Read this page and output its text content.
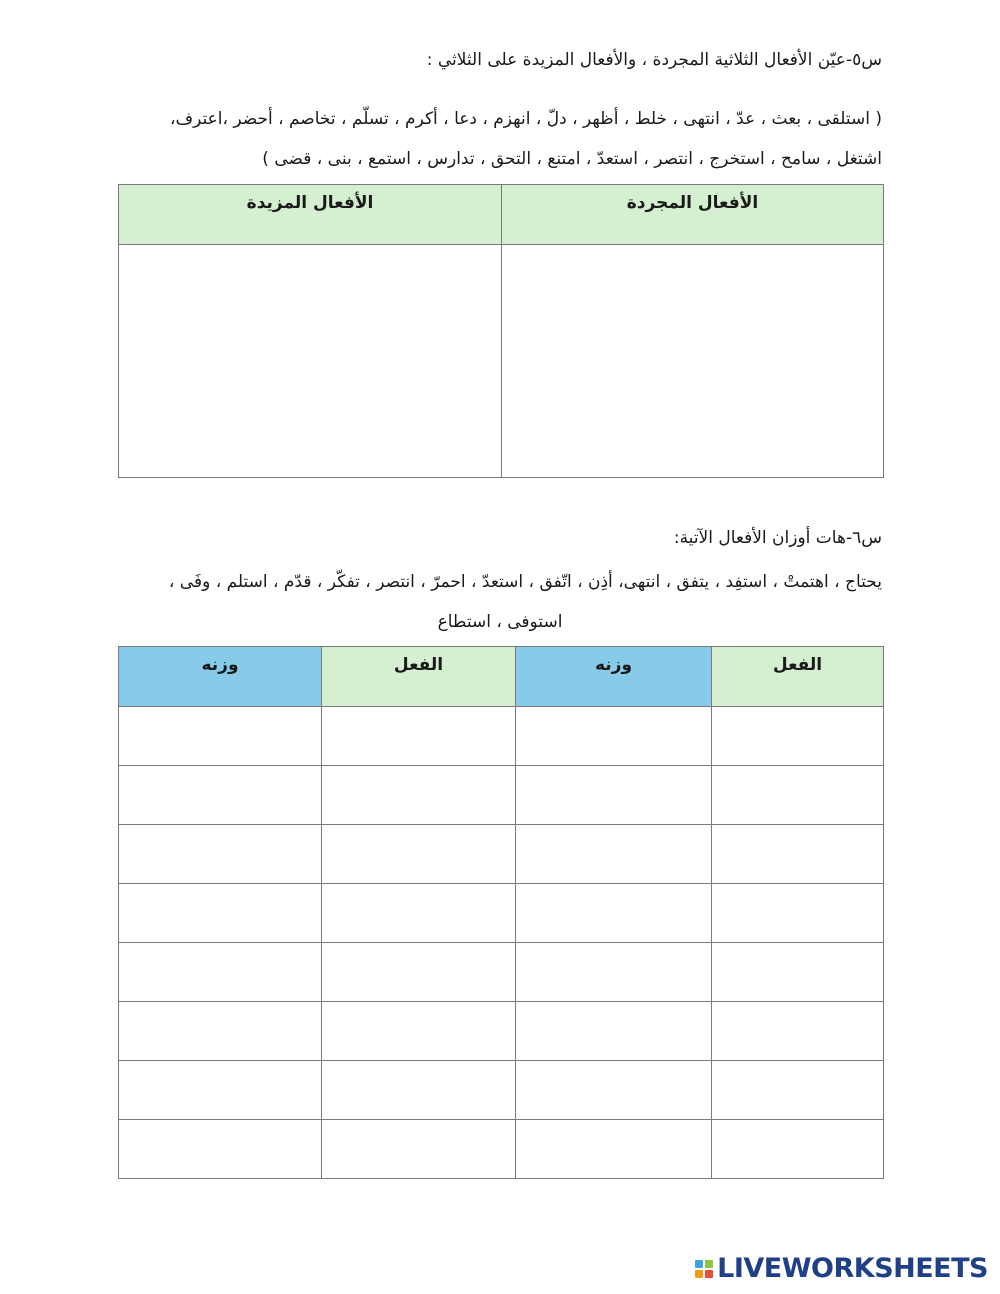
س٥-عيّن الأفعال الثلاثية المجردة ، والأفعال المزيدة على الثلاثي :
( استلقى ، بعث ، عدّ ، انتهى ، خلط ، أظهر ، دلّ ، انهزم ، دعا ، أكرم ، تسلّم ، تخاصم ، أحضر ،اعترف،
اشتغل ، سامح ، استخرج ، انتصر ، استعدّ ، امتنع ، التحق ، تدارس ، استمع ، بنى ، قضى )
الأفعال المجردة	الأفعال المزيدة

س٦-هات أوزان الأفعال الآتية:
يحتاج ، اهتمتْ ، استفِد ، يتفق ، انتهى، أذِن ، اتّفق ، استعدّ ، احمرّ ، انتصر ، تفكّر ، قدّم ، استلم ، وفَى ،
استوفى ، استطاع
الفعل	وزنه	الفعل	وزنه

LIVEWORKSHEETS
